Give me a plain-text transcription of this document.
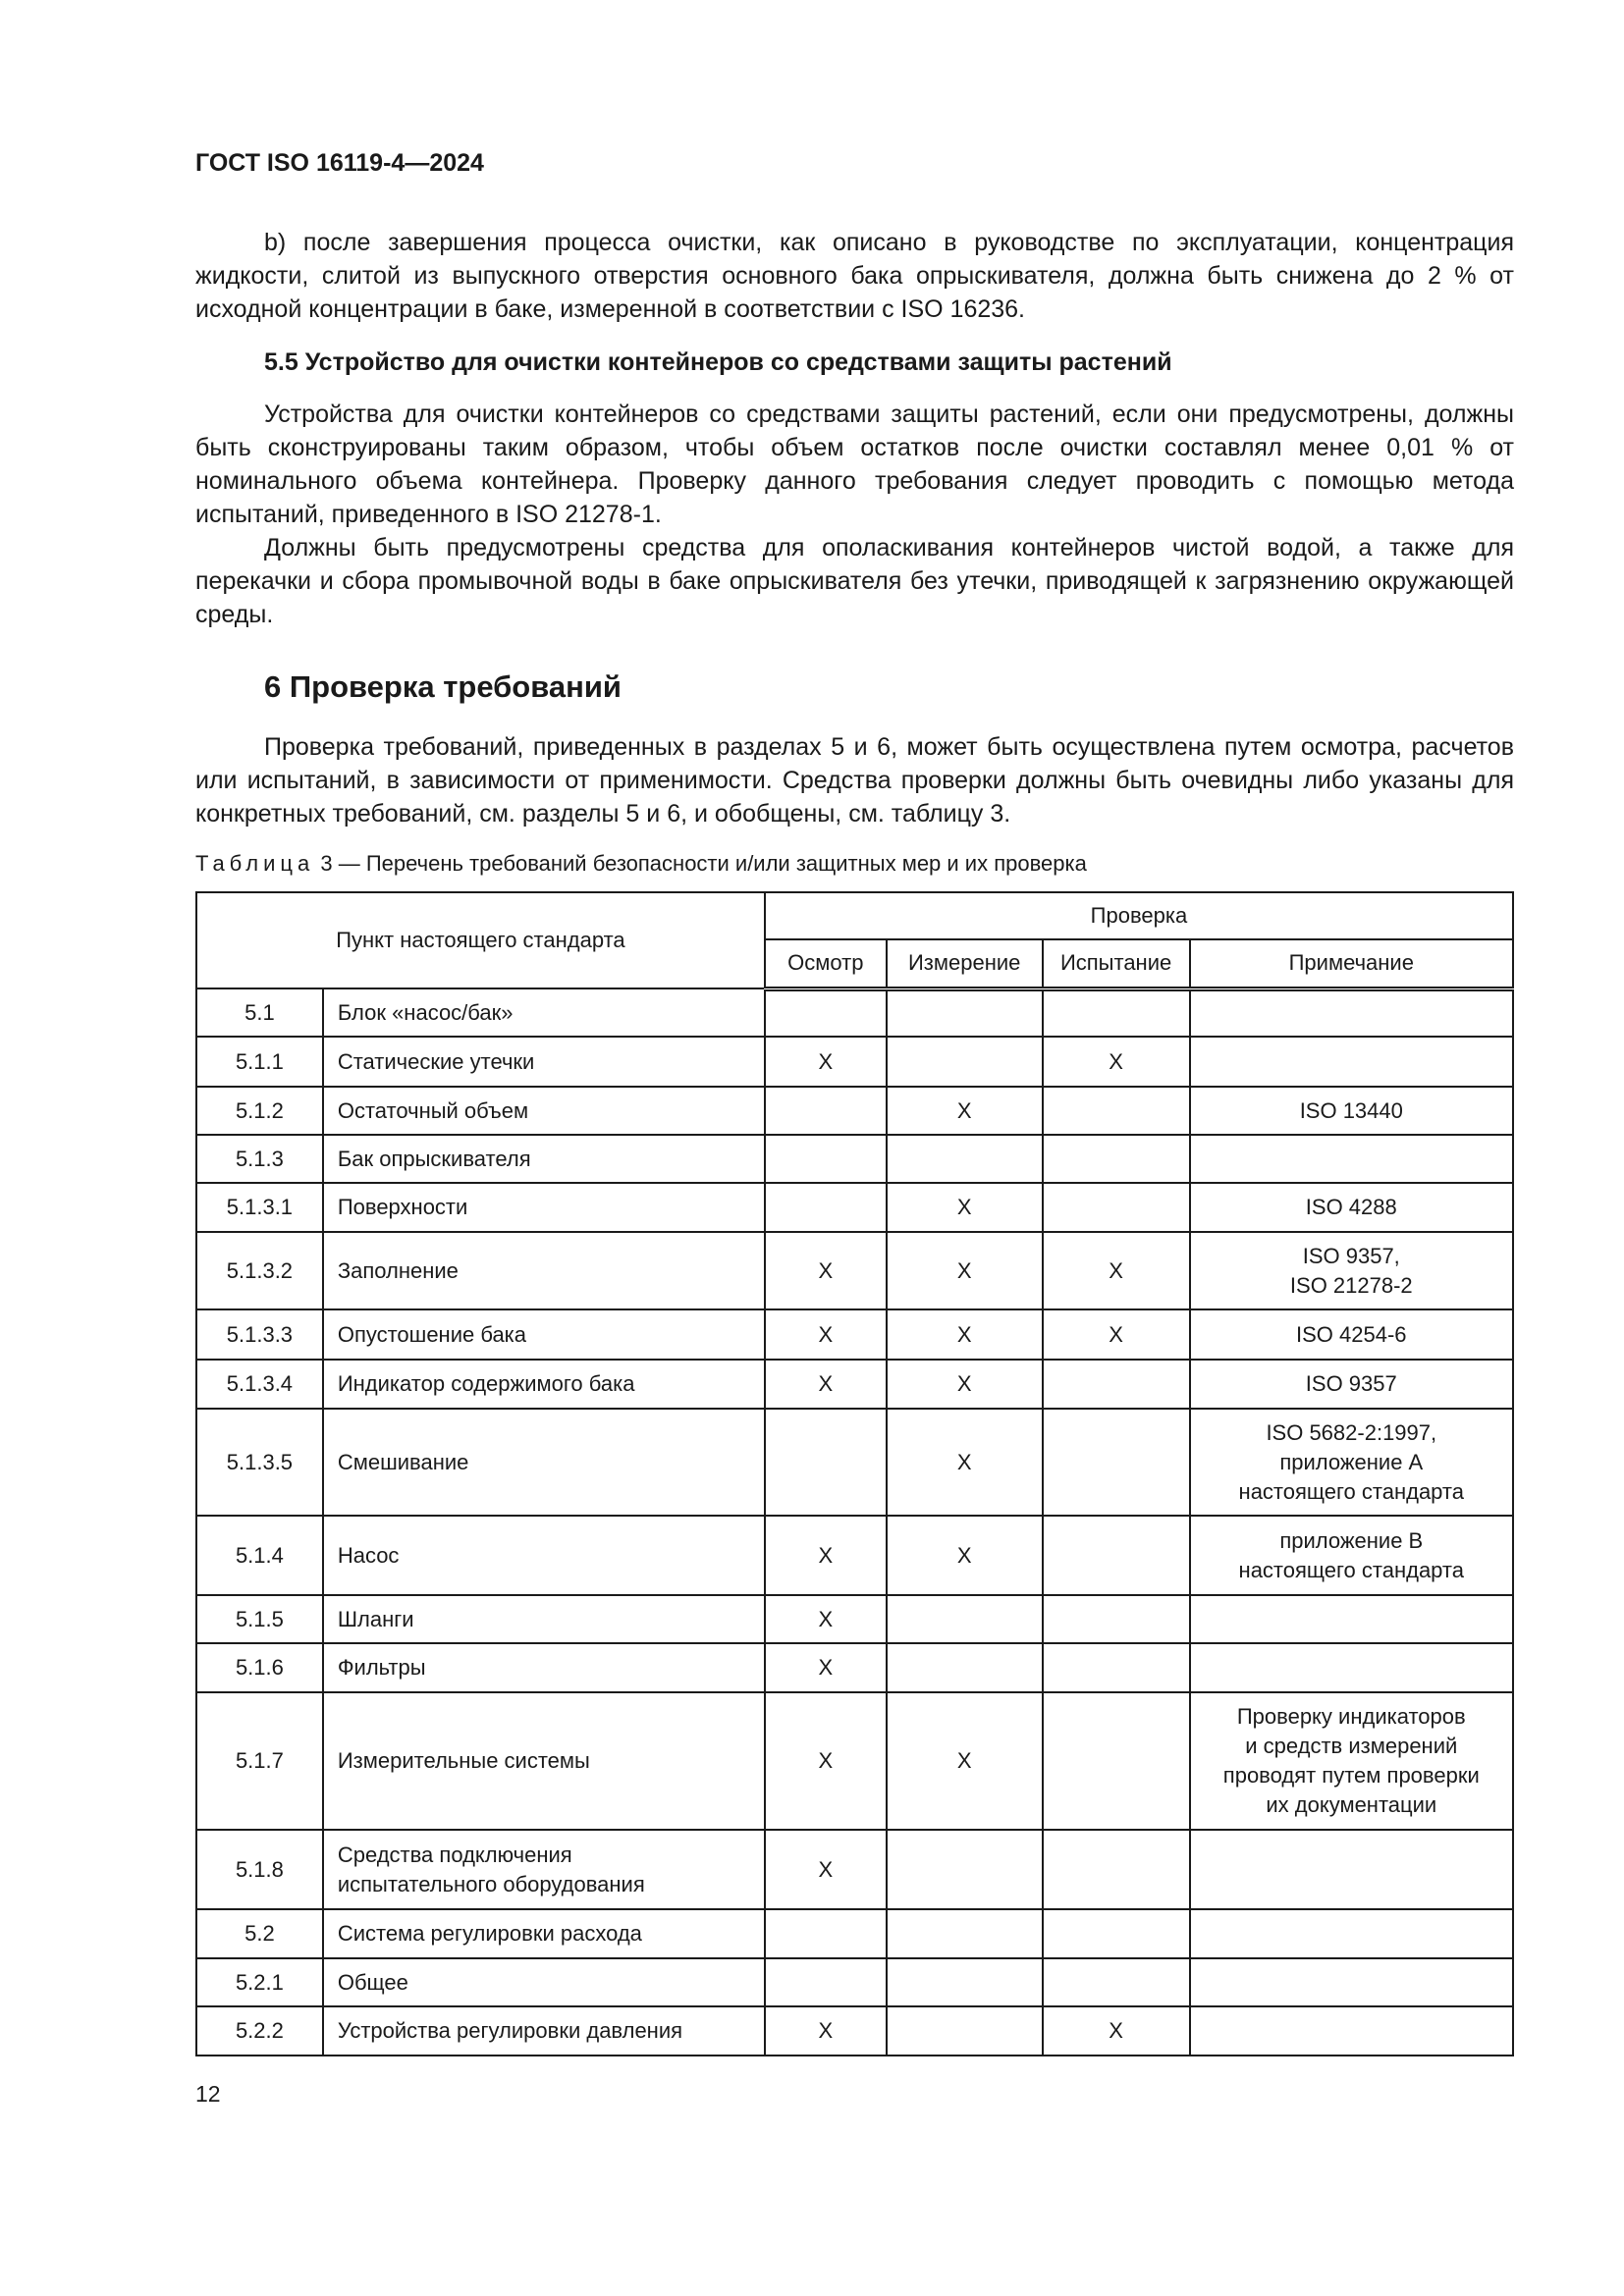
ГОСТ ISO 16119-4—2024

b) после завершения процесса очистки, как описано в руководстве по эксплуатации, концентрация жидкости, слитой из выпускного отверстия основного бака опрыскивателя, должна быть снижена до 2 % от исходной концентрации в баке, измеренной в соответствии с ISO 16236.

5.5 Устройство для очистки контейнеров со средствами защиты растений

Устройства для очистки контейнеров со средствами защиты растений, если они предусмотрены, должны быть сконструированы таким образом, чтобы объем остатков после очистки составлял менее 0,01 % от номинального объема контейнера. Проверку данного требования следует проводить с помощью метода испытаний, приведенного в ISO 21278-1.

Должны быть предусмотрены средства для ополаскивания контейнеров чистой водой, а также для перекачки и сбора промывочной воды в баке опрыскивателя без утечки, приводящей к загрязнению окружающей среды.

6 Проверка требований

Проверка требований, приведенных в разделах 5 и 6, может быть осуществлена путем осмотра, расчетов или испытаний, в зависимости от применимости. Средства проверки должны быть очевидны либо указаны для конкретных требований, см. разделы 5 и 6, и обобщены, см. таблицу 3.

Таблица 3 — Перечень требований безопасности и/или защитных мер и их проверка
Пункт настоящего стандарта		Проверка			
		Осмотр	Измерение	Испытание	Примечание
5.1	Блок «насос/бак»				
5.1.1	Статические утечки	X		X	
5.1.2	Остаточный объем		X		ISO 13440
5.1.3	Бак опрыскивателя				
5.1.3.1	Поверхности		X		ISO 4288
5.1.3.2	Заполнение	X	X	X	ISO 9357,
ISO 21278-2
5.1.3.3	Опустошение бака	X	X	X	ISO 4254-6
5.1.3.4	Индикатор содержимого бака	X	X		ISO 9357
5.1.3.5	Смешивание		X		ISO 5682-2:1997,
приложение А
настоящего стандарта
5.1.4	Насос	X	X		приложение В
настоящего стандарта
5.1.5	Шланги	X			
5.1.6	Фильтры	X			
5.1.7	Измерительные системы	X	X		Проверку индикаторов
и средств измерений
проводят путем проверки
их документации
5.1.8	Средства подключения
испытательного оборудования	X			
5.2	Система регулировки расхода				
5.2.1	Общее				
5.2.2	Устройства регулировки давления	X		X	
12
